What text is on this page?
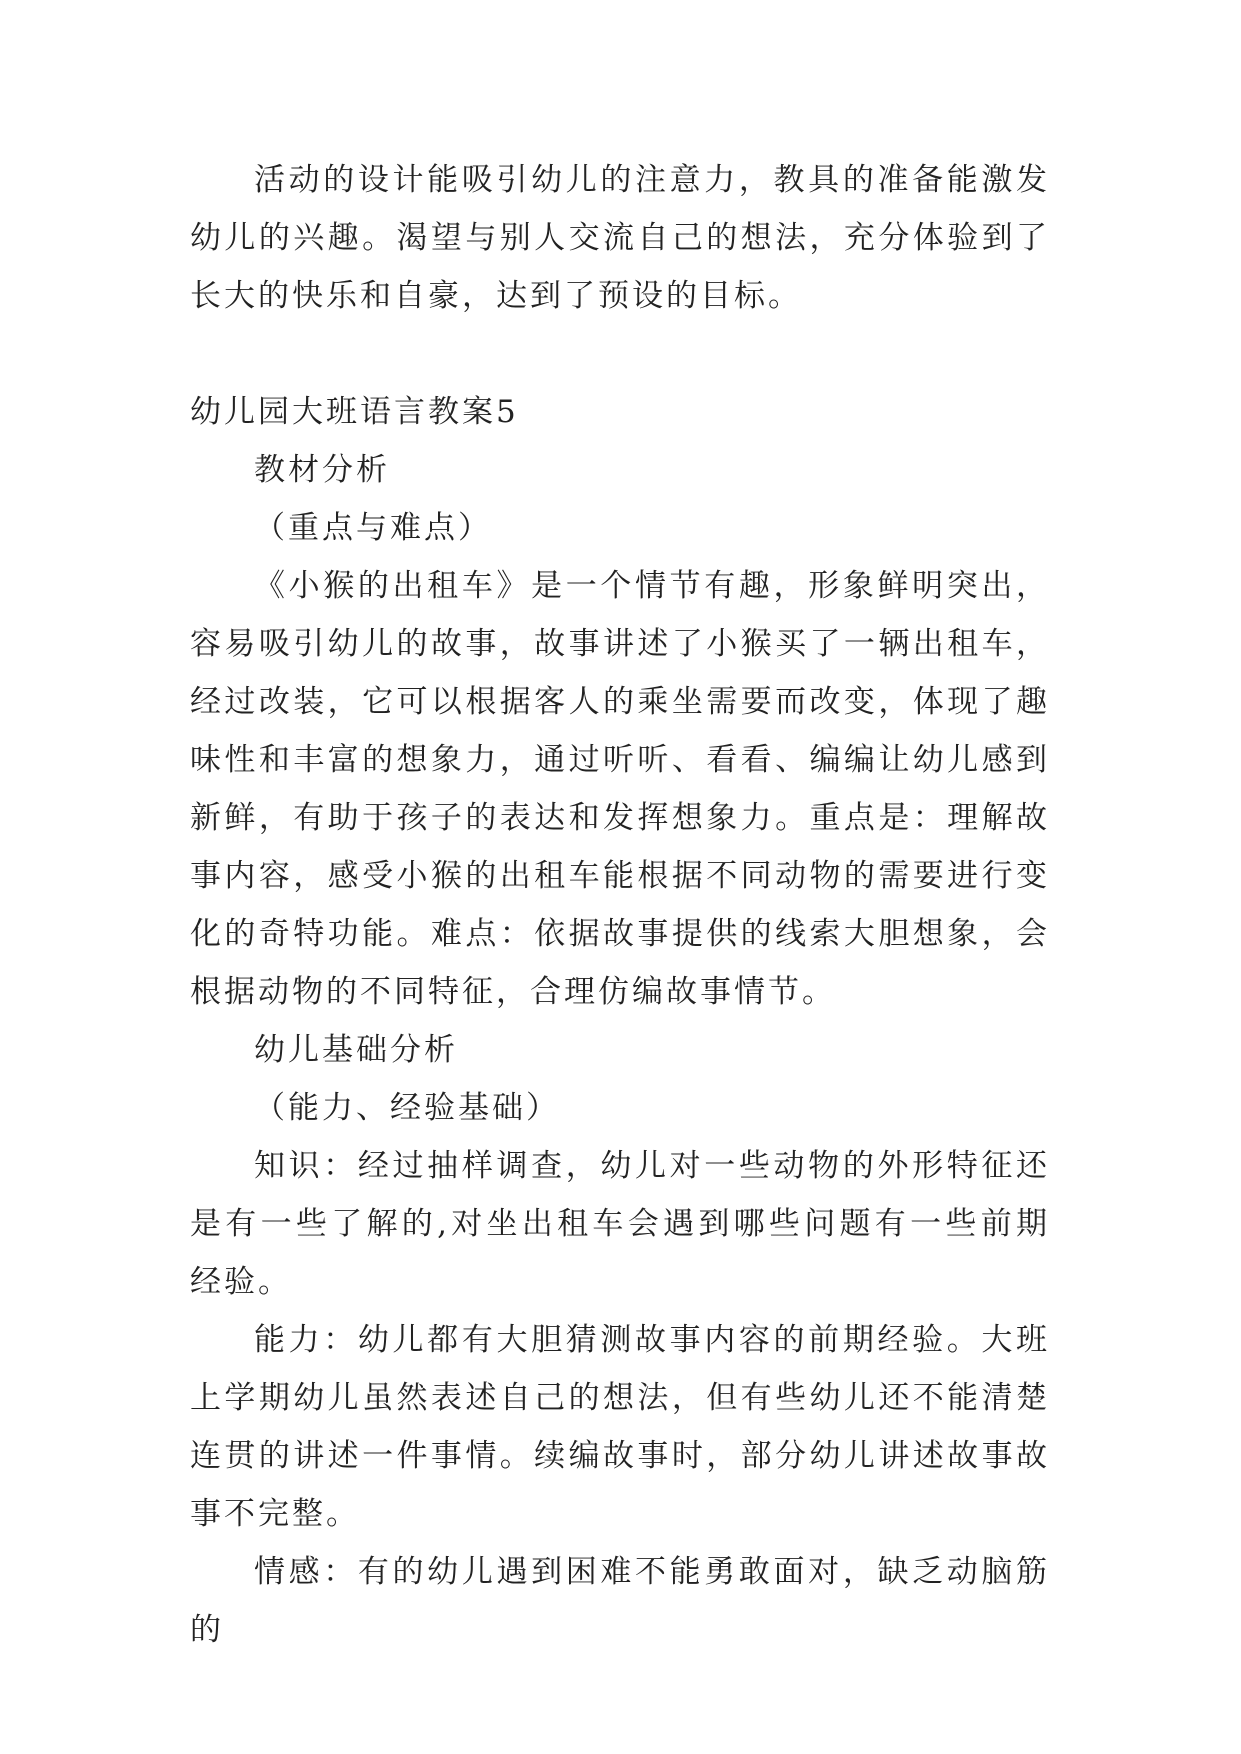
活动的设计能吸引幼儿的注意力，教具的准备能激发幼儿的兴趣。渴望与别人交流自己的想法，充分体验到了长大的快乐和自豪，达到了预设的目标。

幼儿园大班语言教案5

教材分析

（重点与难点）

《小猴的出租车》是一个情节有趣，形象鲜明突出，容易吸引幼儿的故事，故事讲述了小猴买了一辆出租车，经过改装，它可以根据客人的乘坐需要而改变，体现了趣味性和丰富的想象力，通过听听、看看、编编让幼儿感到新鲜，有助于孩子的表达和发挥想象力。重点是：理解故事内容，感受小猴的出租车能根据不同动物的需要进行变化的奇特功能。难点：依据故事提供的线索大胆想象，会根据动物的不同特征，合理仿编故事情节。

幼儿基础分析

（能力、经验基础）

知识：经过抽样调查，幼儿对一些动物的外形特征还是有一些了解的,对坐出租车会遇到哪些问题有一些前期经验。

能力：幼儿都有大胆猜测故事内容的前期经验。大班上学期幼儿虽然表述自己的想法，但有些幼儿还不能清楚连贯的讲述一件事情。续编故事时，部分幼儿讲述故事故事不完整。

情感：有的幼儿遇到困难不能勇敢面对，缺乏动脑筋的
